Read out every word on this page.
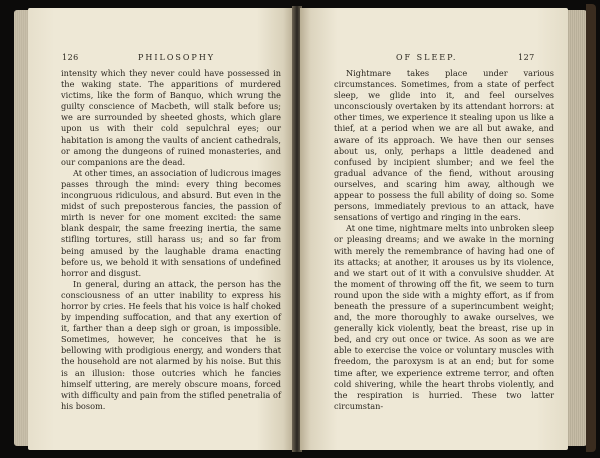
126	PHILOSOPHY

intensity which they never could have possessed in the waking state. The apparitions of murdered victims, like the form of Banquo, which wrung the guilty conscience of Macbeth, will stalk before us; we are surrounded by sheeted ghosts, which glare upon us with their cold sepulchral eyes; our habitation is among the vaults of ancient cathedrals, or among the dungeons of ruined monasteries, and our companions are the dead.

At other times, an association of ludicrous images passes through the mind: every thing becomes incongruous ridiculous, and absurd. But even in the midst of such preposterous fancies, the passion of mirth is never for one moment excited: the same blank despair, the same freezing inertia, the same stifling tortures, still harass us; and so far from being amused by the laughable drama enacting before us, we behold it with sensations of undefined horror and disgust.

In general, during an attack, the person has the consciousness of an utter inability to express his horror by cries. He feels that his voice is half choked by impending suffocation, and that any exertion of it, farther than a deep sigh or groan, is impossible. Sometimes, however, he conceives that he is bellowing with prodigious energy, and wonders that the household are not alarmed by his noise. But this is an illusion: those outcries which he fancies himself uttering, are merely obscure moans, forced with difficulty and pain from the stifled penetralia of his bosom.

OF SLEEP.	127

Nightmare takes place under various circumstances. Sometimes, from a state of perfect sleep, we glide into it, and feel ourselves unconsciously overtaken by its attendant horrors: at other times, we experience it stealing upon us like a thief, at a period when we are all but awake, and aware of its approach. We have then our senses about us, only, perhaps a little deadened and confused by incipient slumber; and we feel the gradual advance of the fiend, without arousing ourselves, and scaring him away, although we appear to possess the full ability of doing so. Some persons, immediately previous to an attack, have sensations of vertigo and ringing in the ears.

At one time, nightmare melts into unbroken sleep or pleasing dreams; and we awake in the morning with merely the remembrance of having had one of its attacks; at another, it arouses us by its violence, and we start out of it with a convulsive shudder. At the moment of throwing off the fit, we seem to turn round upon the side with a mighty effort, as if from beneath the pressure of a superincumbent weight; and, the more thoroughly to awake ourselves, we generally kick violently, beat the breast, rise up in bed, and cry out once or twice. As soon as we are able to exercise the voice or voluntary muscles with freedom, the paroxysm is at an end; but for some time after, we experience extreme terror, and often cold shivering, while the heart throbs violently, and the respiration is hurried. These two latter circumstan-
